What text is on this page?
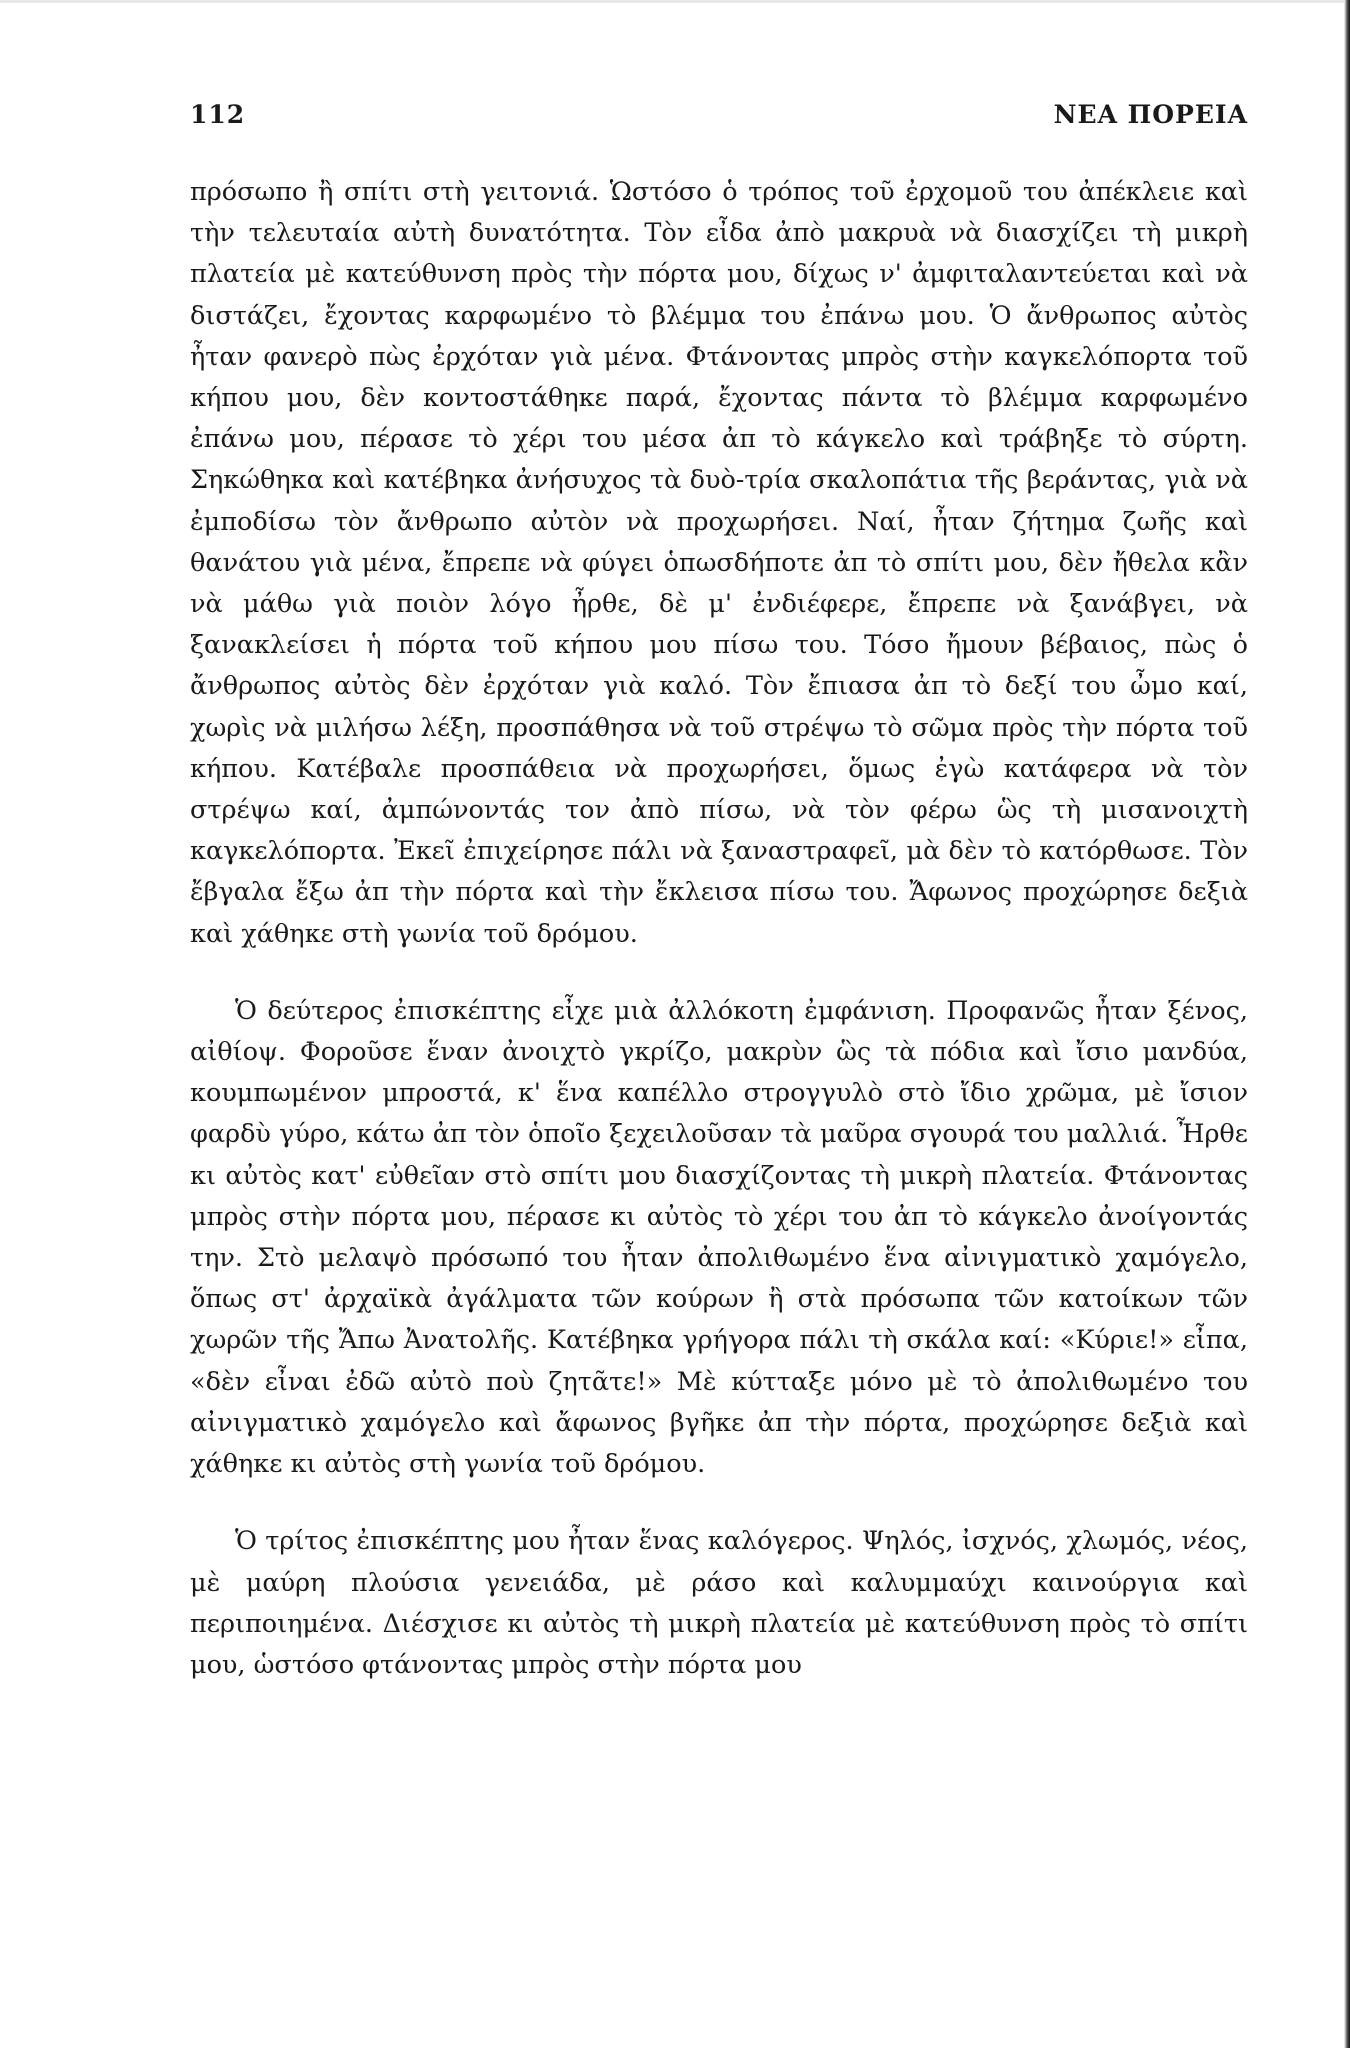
112	ΝΕΑ ΠΟΡΕΙΑ

πρόσωπο ἢ σπίτι στὴ γειτονιά. Ὡστόσο ὁ τρόπος τοῦ ἐρχομοῦ του ἀπέκλειε καὶ τὴν τελευταία αὐτὴ δυνατότητα. Τὸν εἶδα ἀπὸ μακρυὰ νὰ διασχίζει τὴ μικρὴ πλατεία μὲ κατεύθυνση πρὸς τὴν πόρτα μου, δίχως ν' ἀμφιταλαντεύεται καὶ νὰ διστάζει, ἔχοντας καρφωμένο τὸ βλέμμα του ἐπάνω μου. Ὁ ἄνθρωπος αὐτὸς ἦταν φανερὸ πὼς ἐρχόταν γιὰ μένα. Φτάνοντας μπρὸς στὴν καγκελόπορτα τοῦ κήπου μου, δὲν κοντοστάθηκε παρά, ἔχοντας πάντα τὸ βλέμμα καρφωμένο ἐπάνω μου, πέρασε τὸ χέρι του μέσα ἀπ τὸ κάγκελο καὶ τράβηξε τὸ σύρτη. Σηκώθηκα καὶ κατέβηκα ἀνήσυχος τὰ δυὸ-τρία σκαλοπάτια τῆς βεράντας, γιὰ νὰ ἐμποδίσω τὸν ἄνθρωπο αὐτὸν νὰ προχωρήσει. Ναί, ἦταν ζήτημα ζωῆς καὶ θανάτου γιὰ μένα, ἔπρεπε νὰ φύγει ὁπωσδήποτε ἀπ τὸ σπίτι μου, δὲν ἤθελα κἂν νὰ μάθω γιὰ ποιὸν λόγο ἦρθε, δὲ μ' ἐνδιέφερε, ἔπρεπε νὰ ξανάβγει, νὰ ξανακλείσει ἡ πόρτα τοῦ κήπου μου πίσω του. Τόσο ἤμουν βέβαιος, πὼς ὁ ἄνθρωπος αὐτὸς δὲν ἐρχόταν γιὰ καλό. Τὸν ἔπιασα ἀπ τὸ δεξί του ὦμο καί, χωρὶς νὰ μιλήσω λέξη, προσπάθησα νὰ τοῦ στρέψω τὸ σῶμα πρὸς τὴν πόρτα τοῦ κήπου. Κατέβαλε προσπάθεια νὰ προχωρήσει, ὅμως ἐγὼ κατάφερα νὰ τὸν στρέψω καί, ἀμπώνοντάς τον ἀπὸ πίσω, νὰ τὸν φέρω ὣς τὴ μισανοιχτὴ καγκελόπορτα. Ἐκεῖ ἐπιχείρησε πάλι νὰ ξαναστραφεῖ, μὰ δὲν τὸ κατόρθωσε. Τὸν ἔβγαλα ἔξω ἀπ τὴν πόρτα καὶ τὴν ἔκλεισα πίσω του. Ἄφωνος προχώρησε δεξιὰ καὶ χάθηκε στὴ γωνία τοῦ δρόμου.

Ὁ δεύτερος ἐπισκέπτης εἶχε μιὰ ἀλλόκοτη ἐμφάνιση. Προφανῶς ἦταν ξένος, αἰθίοψ. Φοροῦσε ἕναν ἀνοιχτὸ γκρίζο, μακρὺν ὣς τὰ πόδια καὶ ἴσιο μανδύα, κουμπωμένον μπροστά, κ' ἕνα καπέλλο στρογγυλὸ στὸ ἴδιο χρῶμα, μὲ ἴσιον φαρδὺ γύρο, κάτω ἀπ τὸν ὁποῖο ξεχειλοῦσαν τὰ μαῦρα σγουρά του μαλλιά. Ἦρθε κι αὐτὸς κατ' εὐθεῖαν στὸ σπίτι μου διασχίζοντας τὴ μικρὴ πλατεία. Φτάνοντας μπρὸς στὴν πόρτα μου, πέρασε κι αὐτὸς τὸ χέρι του ἀπ τὸ κάγκελο ἀνοίγοντάς την. Στὸ μελαψὸ πρόσωπό του ἦταν ἀπολιθωμένο ἕνα αἰνιγματικὸ χαμόγελο, ὅπως στ' ἀρχαϊκὰ ἀγάλματα τῶν κούρων ἢ στὰ πρόσωπα τῶν κατοίκων τῶν χωρῶν τῆς Ἄπω Ἀνατολῆς. Κατέβηκα γρήγορα πάλι τὴ σκάλα καί: «Κύριε!» εἶπα, «δὲν εἶναι ἐδῶ αὐτὸ ποὺ ζητᾶτε!» Μὲ κύτταξε μόνο μὲ τὸ ἀπολιθωμένο του αἰνιγματικὸ χαμόγελο καὶ ἄφωνος βγῆκε ἀπ τὴν πόρτα, προχώρησε δεξιὰ καὶ χάθηκε κι αὐτὸς στὴ γωνία τοῦ δρόμου.

Ὁ τρίτος ἐπισκέπτης μου ἦταν ἕνας καλόγερος. Ψηλός, ἰσχνός, χλωμός, νέος, μὲ μαύρη πλούσια γενειάδα, μὲ ράσο καὶ καλυμμαύχι καινούργια καὶ περιποιημένα. Διέσχισε κι αὐτὸς τὴ μικρὴ πλατεία μὲ κατεύθυνση πρὸς τὸ σπίτι μου, ὡστόσο φτάνοντας μπρὸς στὴν πόρτα μου
